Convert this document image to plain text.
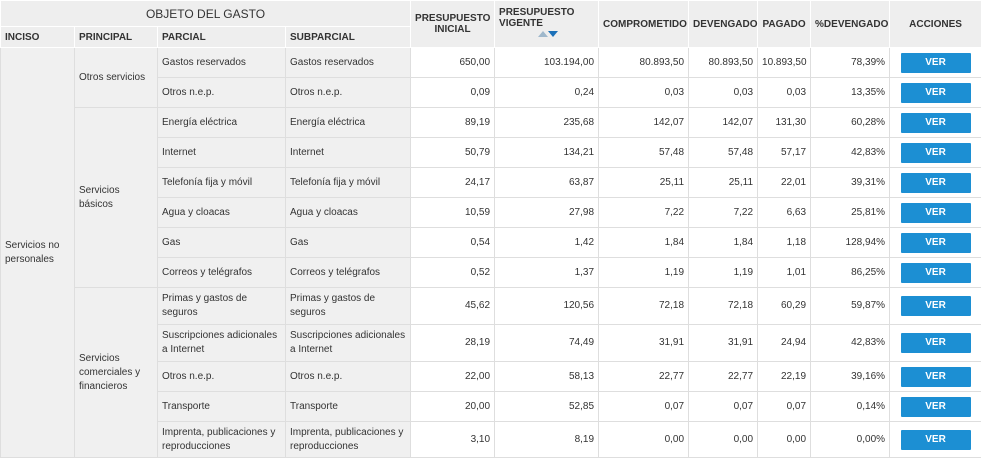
OBJETO DEL GASTO				PRESUPUESTO INICIAL	PRESUPUESTO VIGENTE	COMPROMETIDO	DEVENGADO	PAGADO	%DEVENGADO	ACCIONES
INCISO	PRINCIPAL	PARCIAL	SUBPARCIAL							
Servicios no personales	Otros servicios	Gastos reservados	Gastos reservados	650,00	103.194,00	80.893,50	80.893,50	10.893,50	78,39%	VER
		Otros n.e.p.	Otros n.e.p.	0,09	0,24	0,03	0,03	0,03	13,35%	VER
	Servicios básicos	Energía eléctrica	Energía eléctrica	89,19	235,68	142,07	142,07	131,30	60,28%	VER
		Internet	Internet	50,79	134,21	57,48	57,48	57,17	42,83%	VER
		Telefonía fija y móvil	Telefonía fija y móvil	24,17	63,87	25,11	25,11	22,01	39,31%	VER
		Agua y cloacas	Agua y cloacas	10,59	27,98	7,22	7,22	6,63	25,81%	VER
		Gas	Gas	0,54	1,42	1,84	1,84	1,18	128,94%	VER
		Correos y telégrafos	Correos y telégrafos	0,52	1,37	1,19	1,19	1,01	86,25%	VER
	Servicios comerciales y financieros	Primas y gastos de seguros	Primas y gastos de seguros	45,62	120,56	72,18	72,18	60,29	59,87%	VER
		Suscripciones adicionales a Internet	Suscripciones adicionales a Internet	28,19	74,49	31,91	31,91	24,94	42,83%	VER
		Otros n.e.p.	Otros n.e.p.	22,00	58,13	22,77	22,77	22,19	39,16%	VER
		Transporte	Transporte	20,00	52,85	0,07	0,07	0,07	0,14%	VER
		Imprenta, publicaciones y reproducciones	Imprenta, publicaciones y reproducciones	3,10	8,19	0,00	0,00	0,00	0,00%	VER
